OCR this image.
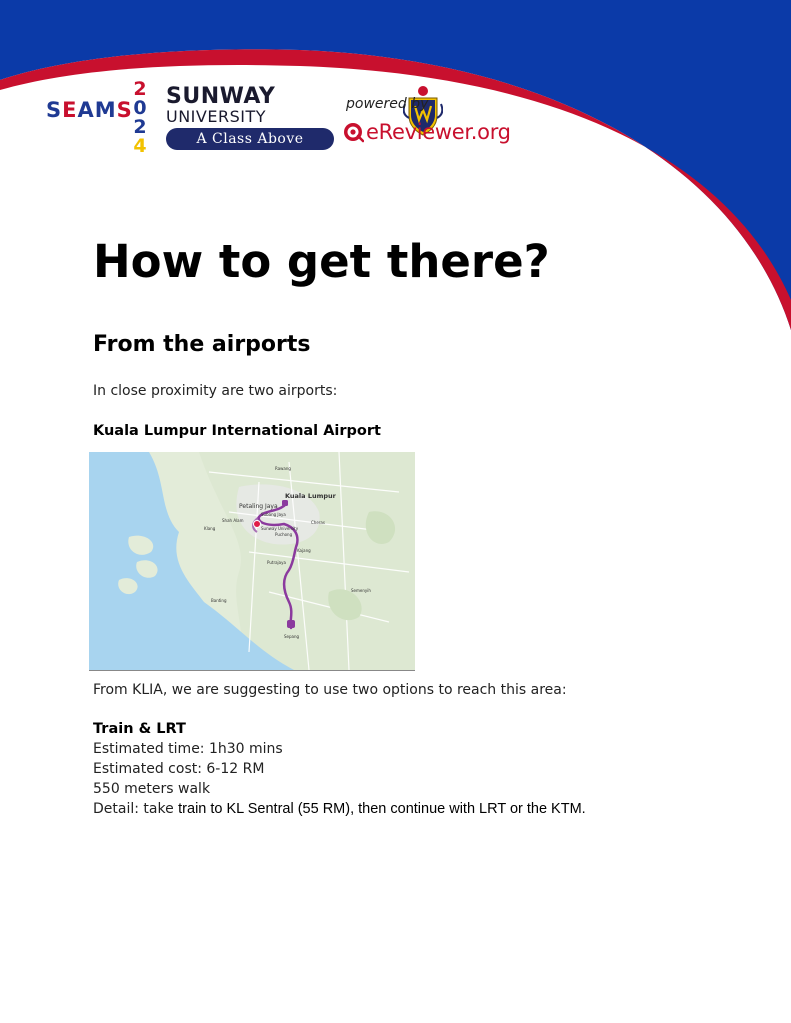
SEAMS
2
0
2
4
SUNWAY
UNIVERSITY
A Class Above
powered by
eReviewer.org
How to get there?
From the airports

In close proximity are two airports:

Kuala Lumpur International Airport

From KLIA, we are suggesting to use two options to reach this area:

Train & LRT

Estimated time: 1h30 mins

Estimated cost: 6-12 RM

550 meters walk

Detail: take train to KL Sentral (55 RM), then continue with LRT or the KTM.

Kuala Lumpur
Petaling Jaya
Shah Alam
Subang Jaya
Sunway University
Puchong
Klang
Cheras
Kajang
Putrajaya
Sepang
Banting
Semenyih
Rawang
